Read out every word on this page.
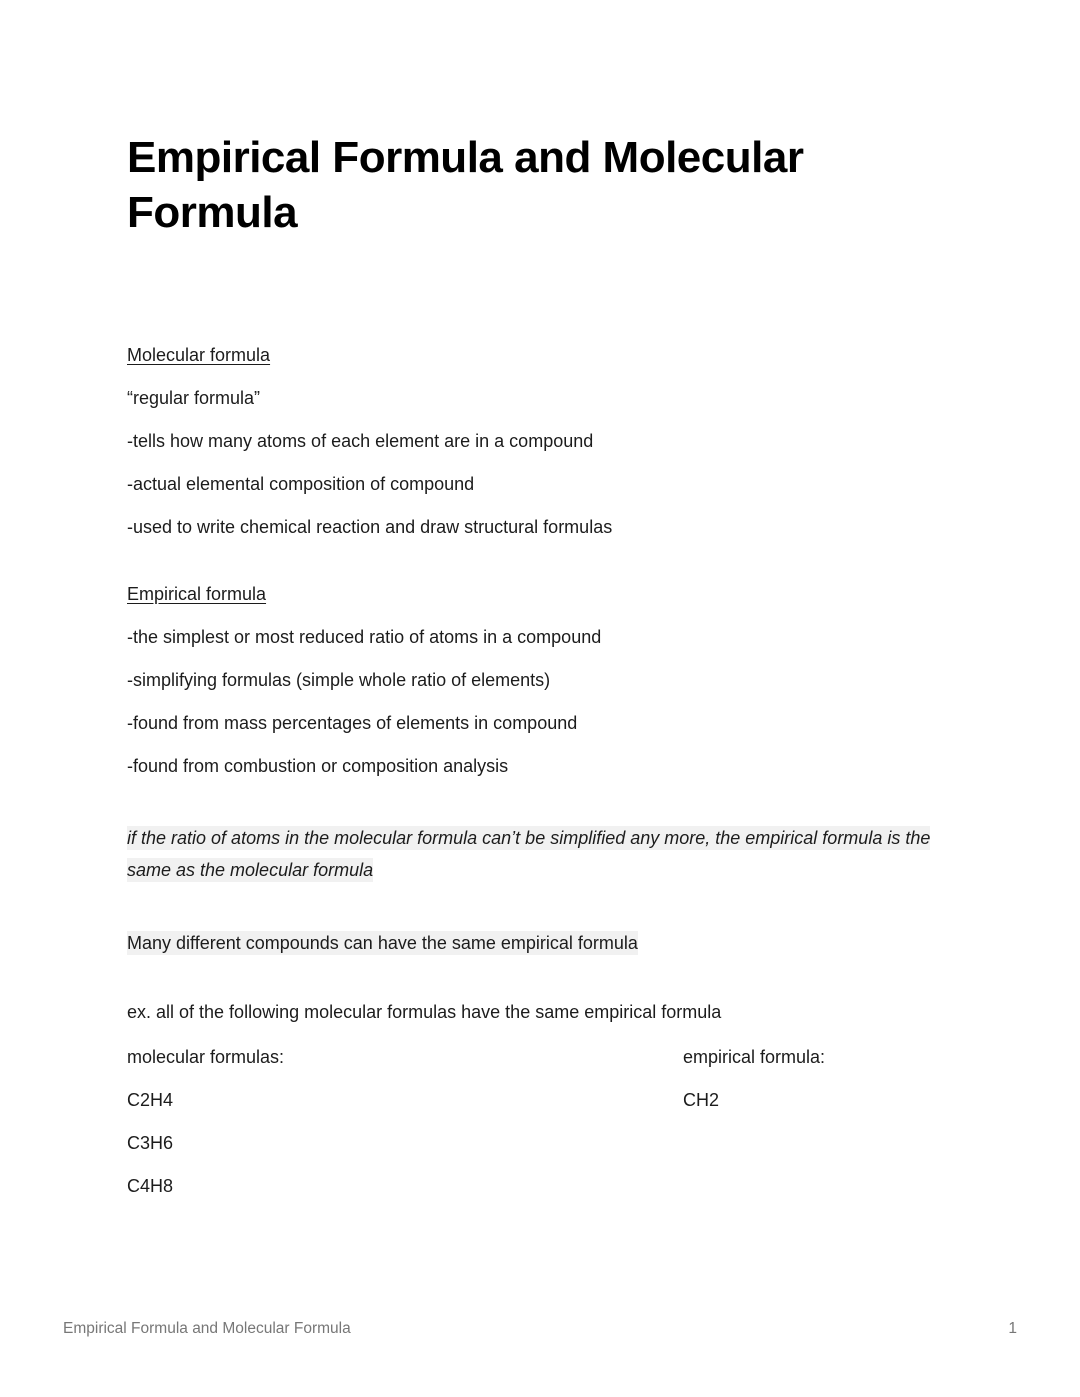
Empirical Formula and Molecular Formula

Molecular formula

“regular formula”

-tells how many atoms of each element are in a compound

-actual elemental composition of compound

-used to write chemical reaction and draw structural formulas

Empirical formula

-the simplest or most reduced ratio of atoms in a compound

-simplifying formulas (simple whole ratio of elements)

-found from mass percentages of elements in compound

-found from combustion or composition analysis

if the ratio of atoms in the molecular formula can’t be simplified any more, the empirical formula is the same as the molecular formula

Many different compounds can have the same empirical formula

ex. all of the following molecular formulas have the same empirical formula

molecular formulas:	empirical formula:
C2H4	CH2
C3H6
C4H8
Empirical Formula and Molecular Formula	1
